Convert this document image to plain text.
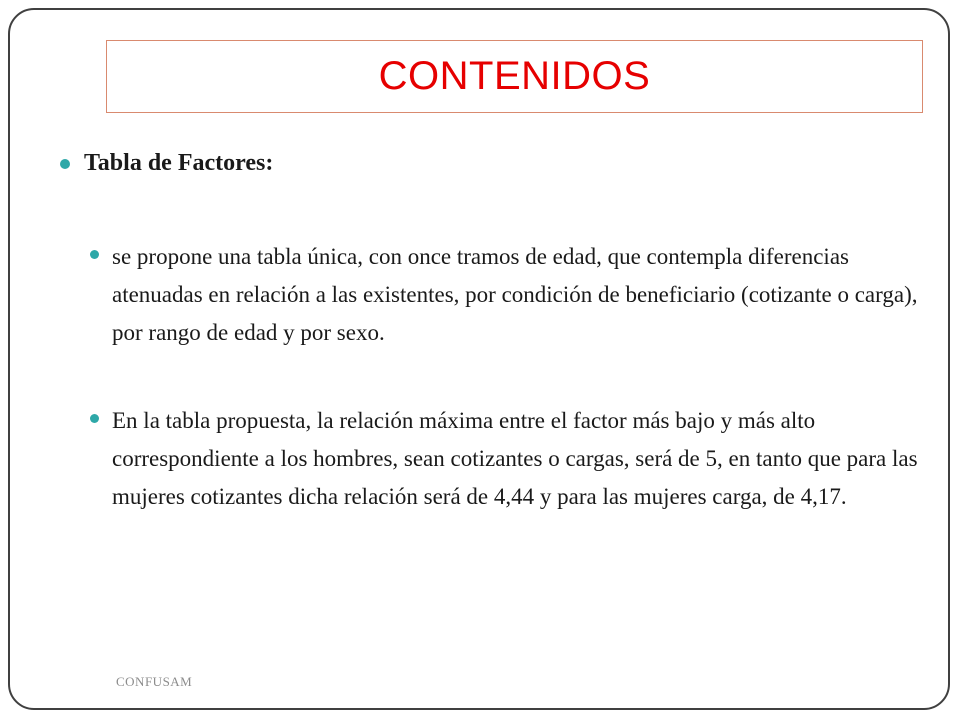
CONTENIDOS
Tabla de Factores:
se propone una tabla única, con once tramos de edad, que contempla diferencias atenuadas en relación a las existentes, por condición de beneficiario (cotizante o carga), por rango de edad y por sexo.
En la tabla propuesta, la relación máxima entre el factor más bajo y más alto correspondiente a los hombres, sean cotizantes o cargas, será de 5, en tanto que para las mujeres cotizantes dicha relación será de 4,44 y para las mujeres carga, de 4,17.
CONFUSAM
